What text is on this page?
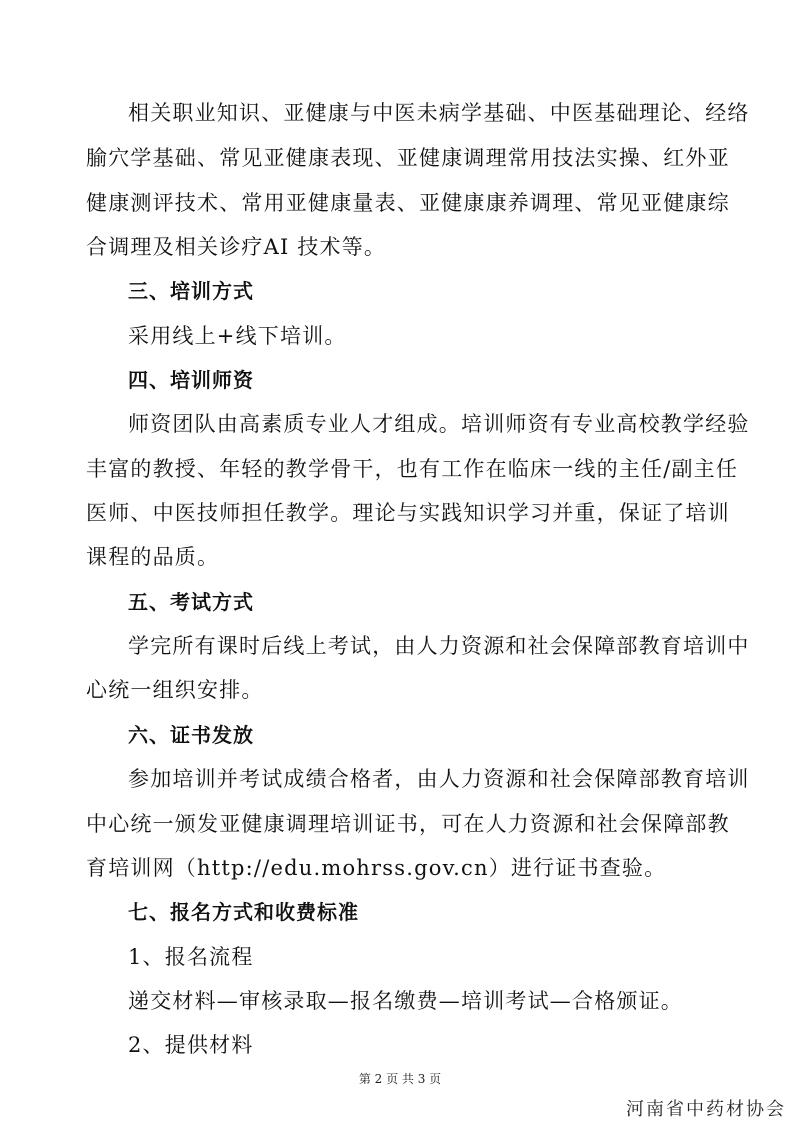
相关职业知识、亚健康与中医未病学基础、中医基础理论、经络
腧穴学基础、常见亚健康表现、亚健康调理常用技法实操、红外亚
健康测评技术、常用亚健康量表、亚健康康养调理、常见亚健康综
合调理及相关诊疗AI 技术等。
三、培训方式
采用线上+线下培训。
四、培训师资
师资团队由高素质专业人才组成。培训师资有专业高校教学经验
丰富的教授、年轻的教学骨干，也有工作在临床一线的主任/副主任
医师、中医技师担任教学。理论与实践知识学习并重，保证了培训
课程的品质。
五、考试方式
学完所有课时后线上考试，由人力资源和社会保障部教育培训中
心统一组织安排。
六、证书发放
参加培训并考试成绩合格者，由人力资源和社会保障部教育培训
中心统一颁发亚健康调理培训证书，可在人力资源和社会保障部教
育培训网（http://edu.mohrss.gov.cn）进行证书查验。
七、报名方式和收费标准
1、报名流程
递交材料—审核录取—报名缴费—培训考试—合格颁证。
2、提供材料
第 2 页 共 3 页
河南省中药材协会
